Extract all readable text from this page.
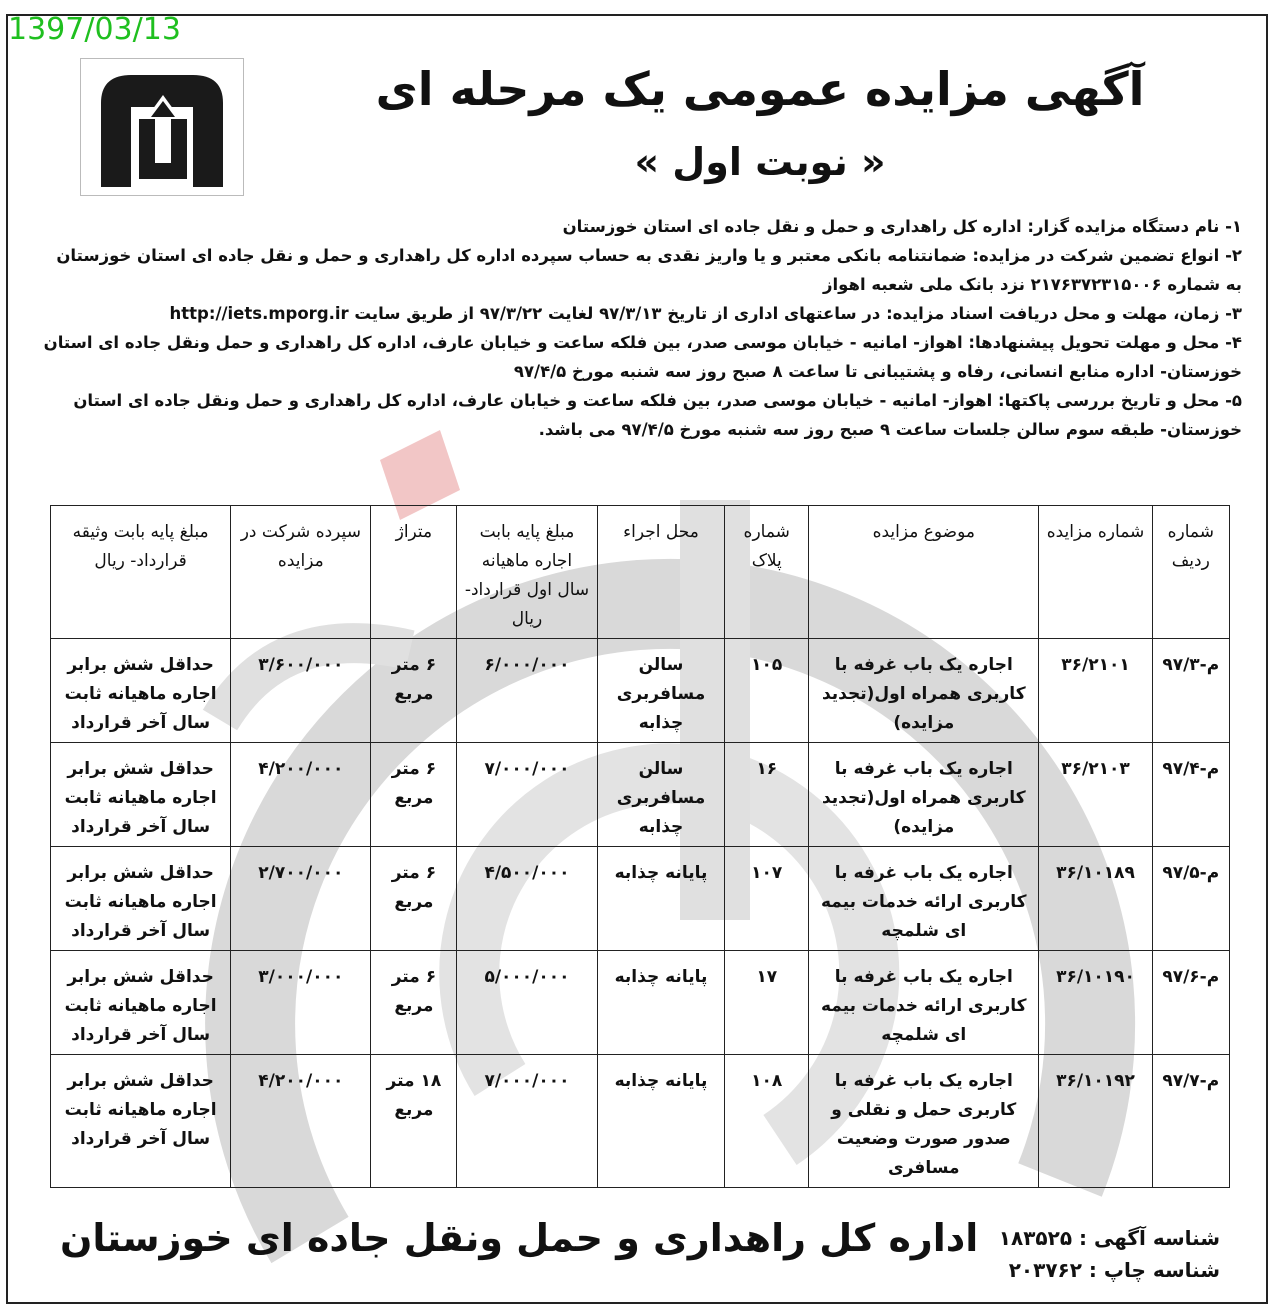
1397/03/13
آگهی مزایده عمومی یک مرحله ای
« نوبت اول »

۱- نام دستگاه مزایده گزار: اداره کل راهداری و حمل و نقل جاده ای استان خوزستان

۲- انواع تضمین شرکت در مزایده: ضمانتنامه بانکی معتبر و یا واریز نقدی به حساب سپرده اداره کل راهداری و حمل و نقل جاده ای استان خوزستان به شماره ۲۱۷۶۳۷۲۳۱۵۰۰۶ نزد بانک ملی شعبه اهواز

۳- زمان، مهلت و محل دریافت اسناد مزایده: در ساعتهای اداری از تاریخ ۹۷/۳/۱۳ لغایت ۹۷/۳/۲۲ از طریق سایت http://iets.mporg.ir

۴- محل و مهلت تحویل پیشنهادها: اهواز- امانیه - خیابان موسی صدر، بین فلکه ساعت و خیابان عارف، اداره کل راهداری و حمل ونقل جاده ای استان خوزستان- اداره منابع انسانی، رفاه و پشتیبانی تا ساعت ۸ صبح روز سه شنبه مورخ ۹۷/۴/۵

۵- محل و تاریخ بررسی پاکتها: اهواز- امانیه - خیابان موسی صدر، بین فلکه ساعت و خیابان عارف، اداره کل راهداری و حمل ونقل جاده ای استان خوزستان- طبقه سوم سالن جلسات ساعت ۹ صبح روز سه شنبه مورخ ۹۷/۴/۵ می باشد.

شماره ردیف	شماره مزایده	موضوع مزایده	شماره پلاک	محل اجراء	مبلغ پایه بابت اجاره ماهیانه سال اول قرارداد- ریال	متراژ	سپرده شرکت در مزایده	مبلغ پایه بابت وثیقه قرارداد- ریال
م-۹۷/۳	۳۶/۲۱۰۱	اجاره یک باب غرفه با کاربری همراه اول(تجدید مزایده)	۱۰۵	سالن مسافربری چذابه	۶/۰۰۰/۰۰۰	۶ متر مربع	۳/۶۰۰/۰۰۰	حداقل شش برابر اجاره ماهیانه ثابت سال آخر قرارداد
م-۹۷/۴	۳۶/۲۱۰۳	اجاره یک باب غرفه با کاربری همراه اول(تجدید مزایده)	۱۶	سالن مسافربری چذابه	۷/۰۰۰/۰۰۰	۶ متر مربع	۴/۲۰۰/۰۰۰	حداقل شش برابر اجاره ماهیانه ثابت سال آخر قرارداد
م-۹۷/۵	۳۶/۱۰۱۸۹	اجاره یک باب غرفه با کاربری ارائه خدمات بیمه ای شلمچه	۱۰۷	پایانه چذابه	۴/۵۰۰/۰۰۰	۶ متر مربع	۲/۷۰۰/۰۰۰	حداقل شش برابر اجاره ماهیانه ثابت سال آخر قرارداد
م-۹۷/۶	۳۶/۱۰۱۹۰	اجاره یک باب غرفه با کاربری ارائه خدمات بیمه ای شلمچه	۱۷	پایانه چذابه	۵/۰۰۰/۰۰۰	۶ متر مربع	۳/۰۰۰/۰۰۰	حداقل شش برابر اجاره ماهیانه ثابت سال آخر قرارداد
م-۹۷/۷	۳۶/۱۰۱۹۲	اجاره یک باب غرفه با کاربری حمل و نقلی و صدور صورت وضعیت مسافری	۱۰۸	پایانه چذابه	۷/۰۰۰/۰۰۰	۱۸ متر مربع	۴/۲۰۰/۰۰۰	حداقل شش برابر اجاره ماهیانه ثابت سال آخر قرارداد
اداره کل راهداری و حمل ونقل جاده ای خوزستان شناسه آگهی : ۱۸۳۵۲۵
شناسه چاپ : ۲۰۳۷۶۲
